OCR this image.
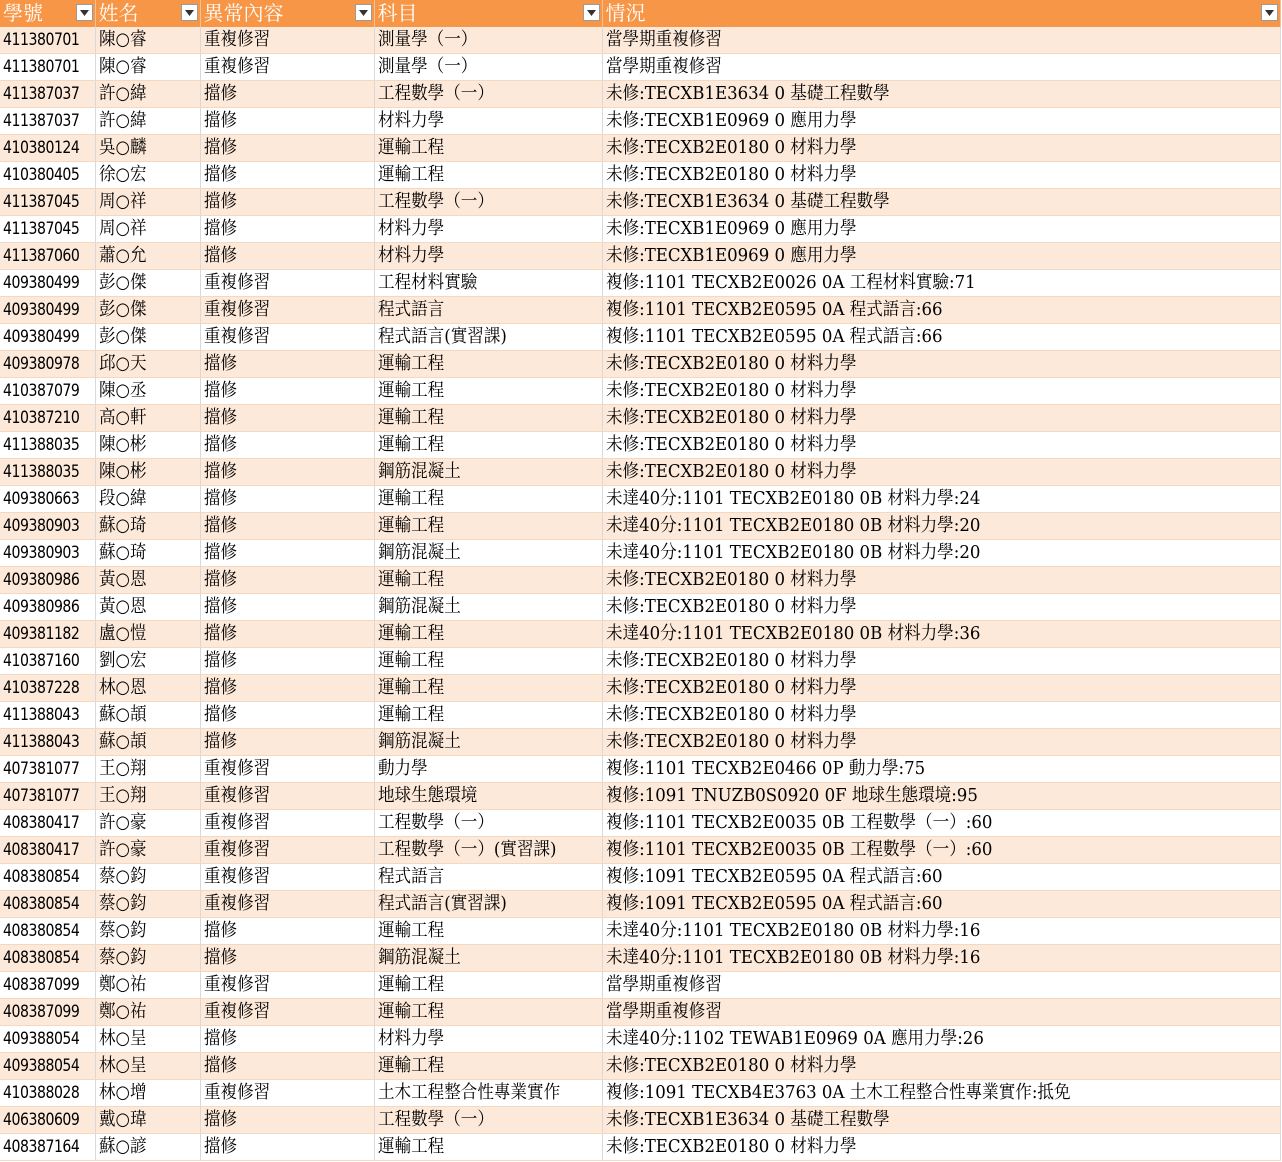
學號	姓名	異常內容	科目	情況

411380701	陳○睿	重複修習	測量學（一）	當學期重複修習
411380701	陳○睿	重複修習	測量學（一）	當學期重複修習
411387037	許○緯	擋修	工程數學（一）	未修:TECXB1E3634 0 基礎工程數學
411387037	許○緯	擋修	材料力學	未修:TECXB1E0969 0 應用力學
410380124	吳○麟	擋修	運輸工程	未修:TECXB2E0180 0 材料力學
410380405	徐○宏	擋修	運輸工程	未修:TECXB2E0180 0 材料力學
411387045	周○祥	擋修	工程數學（一）	未修:TECXB1E3634 0 基礎工程數學
411387045	周○祥	擋修	材料力學	未修:TECXB1E0969 0 應用力學
411387060	蕭○允	擋修	材料力學	未修:TECXB1E0969 0 應用力學
409380499	彭○傑	重複修習	工程材料實驗	複修:1101 TECXB2E0026 0A 工程材料實驗:71
409380499	彭○傑	重複修習	程式語言	複修:1101 TECXB2E0595 0A 程式語言:66
409380499	彭○傑	重複修習	程式語言(實習課)	複修:1101 TECXB2E0595 0A 程式語言:66
409380978	邱○天	擋修	運輸工程	未修:TECXB2E0180 0 材料力學
410387079	陳○丞	擋修	運輸工程	未修:TECXB2E0180 0 材料力學
410387210	高○軒	擋修	運輸工程	未修:TECXB2E0180 0 材料力學
411388035	陳○彬	擋修	運輸工程	未修:TECXB2E0180 0 材料力學
411388035	陳○彬	擋修	鋼筋混凝土	未修:TECXB2E0180 0 材料力學
409380663	段○緯	擋修	運輸工程	未達40分:1101 TECXB2E0180 0B 材料力學:24
409380903	蘇○琦	擋修	運輸工程	未達40分:1101 TECXB2E0180 0B 材料力學:20
409380903	蘇○琦	擋修	鋼筋混凝土	未達40分:1101 TECXB2E0180 0B 材料力學:20
409380986	黃○恩	擋修	運輸工程	未修:TECXB2E0180 0 材料力學
409380986	黃○恩	擋修	鋼筋混凝土	未修:TECXB2E0180 0 材料力學
409381182	盧○愷	擋修	運輸工程	未達40分:1101 TECXB2E0180 0B 材料力學:36
410387160	劉○宏	擋修	運輸工程	未修:TECXB2E0180 0 材料力學
410387228	林○恩	擋修	運輸工程	未修:TECXB2E0180 0 材料力學
411388043	蘇○頡	擋修	運輸工程	未修:TECXB2E0180 0 材料力學
411388043	蘇○頡	擋修	鋼筋混凝土	未修:TECXB2E0180 0 材料力學
407381077	王○翔	重複修習	動力學	複修:1101 TECXB2E0466 0P 動力學:75
407381077	王○翔	重複修習	地球生態環境	複修:1091 TNUZB0S0920 0F 地球生態環境:95
408380417	許○豪	重複修習	工程數學（一）	複修:1101 TECXB2E0035 0B 工程數學（一）:60
408380417	許○豪	重複修習	工程數學（一）(實習課)	複修:1101 TECXB2E0035 0B 工程數學（一）:60
408380854	蔡○鈞	重複修習	程式語言	複修:1091 TECXB2E0595 0A 程式語言:60
408380854	蔡○鈞	重複修習	程式語言(實習課)	複修:1091 TECXB2E0595 0A 程式語言:60
408380854	蔡○鈞	擋修	運輸工程	未達40分:1101 TECXB2E0180 0B 材料力學:16
408380854	蔡○鈞	擋修	鋼筋混凝土	未達40分:1101 TECXB2E0180 0B 材料力學:16
408387099	鄭○祐	重複修習	運輸工程	當學期重複修習
408387099	鄭○祐	重複修習	運輸工程	當學期重複修習
409388054	林○呈	擋修	材料力學	未達40分:1102 TEWAB1E0969 0A 應用力學:26
409388054	林○呈	擋修	運輸工程	未修:TECXB2E0180 0 材料力學
410388028	林○增	重複修習	土木工程整合性專業實作	複修:1091 TECXB4E3763 0A 土木工程整合性專業實作:抵免
406380609	戴○瑋	擋修	工程數學（一）	未修:TECXB1E3634 0 基礎工程數學
408387164	蘇○諺	擋修	運輸工程	未修:TECXB2E0180 0 材料力學
